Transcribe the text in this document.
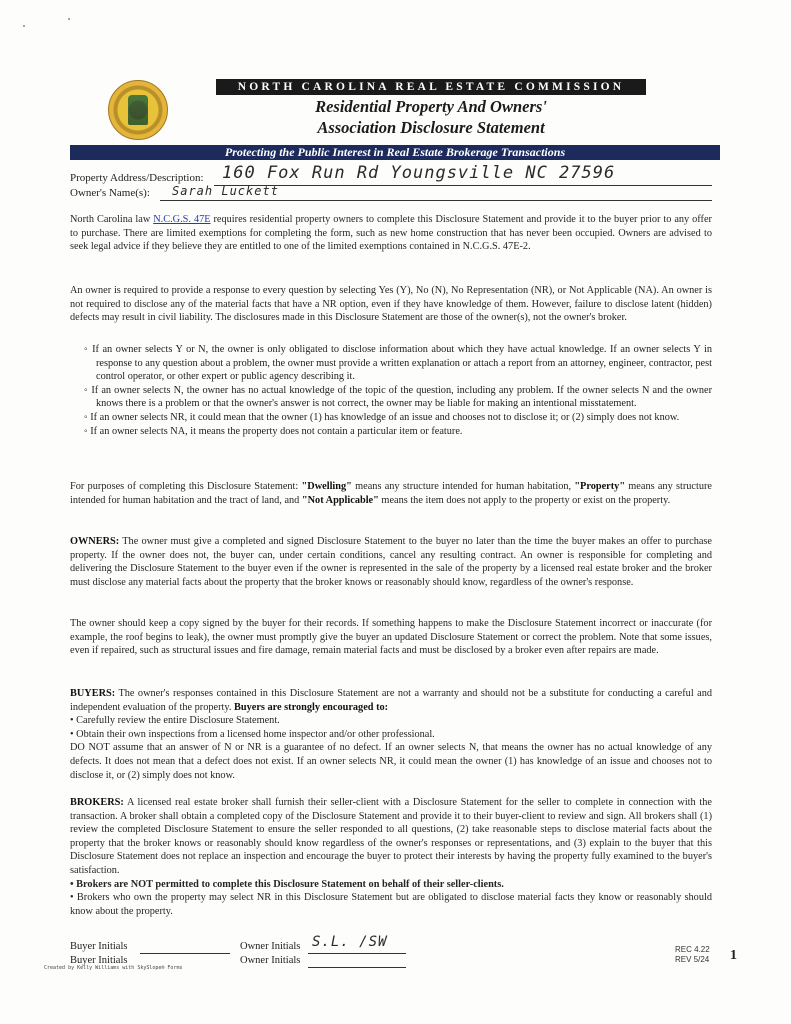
NORTH CAROLINA REAL ESTATE COMMISSION
Residential Property And Owners'
Association Disclosure Statement
Protecting the Public Interest in Real Estate Brokerage Transactions
Property Address/Description: 160 Fox Run Rd Youngsville NC 27596
Owner's Name(s): Sarah Luckett
North Carolina law N.C.G.S. 47E requires residential property owners to complete this Disclosure Statement and provide it to the buyer prior to any offer to purchase. There are limited exemptions for completing the form, such as new home construction that has never been occupied. Owners are advised to seek legal advice if they believe they are entitled to one of the limited exemptions contained in N.C.G.S. 47E-2.
An owner is required to provide a response to every question by selecting Yes (Y), No (N), No Representation (NR), or Not Applicable (NA). An owner is not required to disclose any of the material facts that have a NR option, even if they have knowledge of them. However, failure to disclose latent (hidden) defects may result in civil liability. The disclosures made in this Disclosure Statement are those of the owner(s), not the owner's broker.
◦ If an owner selects Y or N, the owner is only obligated to disclose information about which they have actual knowledge. If an owner selects Y in response to any question about a problem, the owner must provide a written explanation or attach a report from an attorney, engineer, contractor, pest control operator, or other expert or public agency describing it.
◦ If an owner selects N, the owner has no actual knowledge of the topic of the question, including any problem. If the owner selects N and the owner knows there is a problem or that the owner's answer is not correct, the owner may be liable for making an intentional misstatement.
◦ If an owner selects NR, it could mean that the owner (1) has knowledge of an issue and chooses not to disclose it; or (2) simply does not know.
◦ If an owner selects NA, it means the property does not contain a particular item or feature.
For purposes of completing this Disclosure Statement: "Dwelling" means any structure intended for human habitation, "Property" means any structure intended for human habitation and the tract of land, and "Not Applicable" means the item does not apply to the property or exist on the property.
OWNERS: The owner must give a completed and signed Disclosure Statement to the buyer no later than the time the buyer makes an offer to purchase property. If the owner does not, the buyer can, under certain conditions, cancel any resulting contract. An owner is responsible for completing and delivering the Disclosure Statement to the buyer even if the owner is represented in the sale of the property by a licensed real estate broker and the broker must disclose any material facts about the property that the broker knows or reasonably should know, regardless of the owner's response.
The owner should keep a copy signed by the buyer for their records. If something happens to make the Disclosure Statement incorrect or inaccurate (for example, the roof begins to leak), the owner must promptly give the buyer an updated Disclosure Statement or correct the problem. Note that some issues, even if repaired, such as structural issues and fire damage, remain material facts and must be disclosed by a broker even after repairs are made.
BUYERS: The owner's responses contained in this Disclosure Statement are not a warranty and should not be a substitute for conducting a careful and independent evaluation of the property. Buyers are strongly encouraged to:
• Carefully review the entire Disclosure Statement.
• Obtain their own inspections from a licensed home inspector and/or other professional.
DO NOT assume that an answer of N or NR is a guarantee of no defect. If an owner selects N, that means the owner has no actual knowledge of any defects. It does not mean that a defect does not exist. If an owner selects NR, it could mean the owner (1) has knowledge of an issue and chooses not to disclose it, or (2) simply does not know.
BROKERS: A licensed real estate broker shall furnish their seller-client with a Disclosure Statement for the seller to complete in connection with the transaction. A broker shall obtain a completed copy of the Disclosure Statement and provide it to their buyer-client to review and sign. All brokers shall (1) review the completed Disclosure Statement to ensure the seller responded to all questions, (2) take reasonable steps to disclose material facts about the property that the broker knows or reasonably should know regardless of the owner's responses or representations, and (3) explain to the buyer that this Disclosure Statement does not replace an inspection and encourage the buyer to protect their interests by having the property fully examined to the buyer's satisfaction.
• Brokers are NOT permitted to complete this Disclosure Statement on behalf of their seller-clients.
• Brokers who own the property may select NR in this Disclosure Statement but are obligated to disclose material facts they know or reasonably should know about the property.
Buyer Initials
Buyer Initials
Owner Initials S.L. /SW
Owner Initials
Created by Kelly Williams with SkySlope® Forms
REC 4.22
REV 5/24 1
